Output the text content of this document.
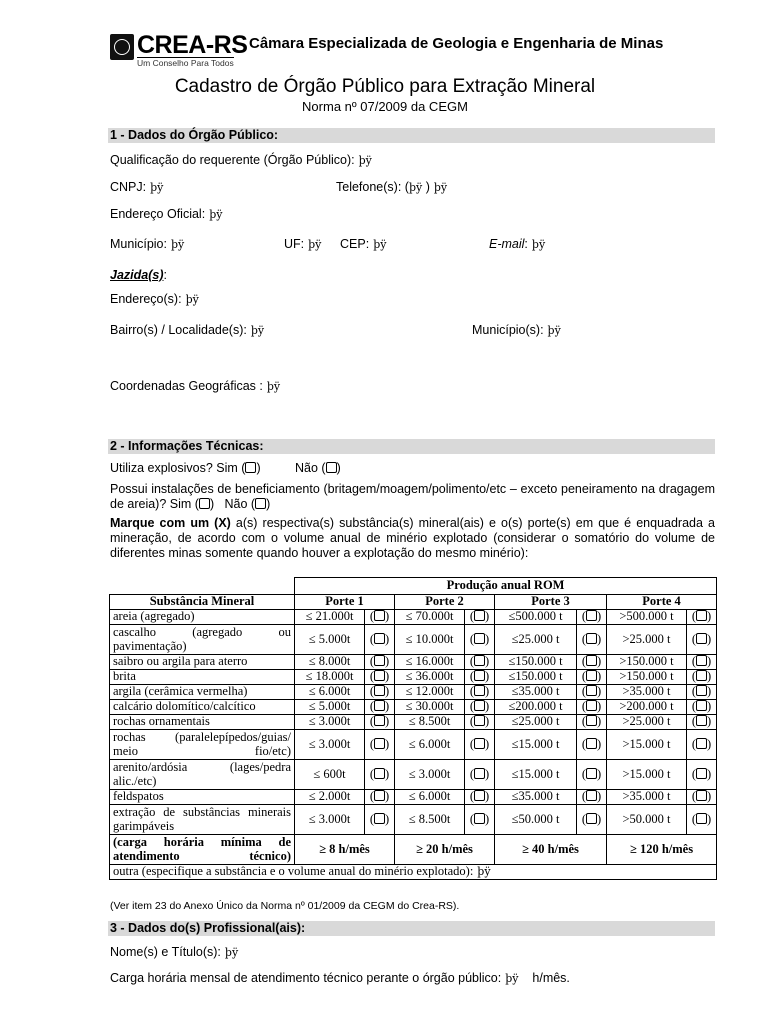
CREA-RS
Um Conselho Para Todos
Câmara Especializada de Geologia e Engenharia de Minas
Cadastro de Órgão Público para Extração Mineral
Norma nº 07/2009 da CEGM
1 - Dados do Órgão Público:
Qualificação do requerente (Órgão Público): þÿ
CNPJ: þÿ	Telefone(s): (þÿ ) þÿ
Endereço Oficial: þÿ
Município: þÿ	UF: þÿ CEP: þÿ	E-mail: þÿ
Jazida(s):
Endereço(s): þÿ
Bairro(s) / Localidade(s): þÿ	Município(s): þÿ
Coordenadas Geográficas : þÿ
2 - Informações Técnicas:
Utiliza explosivos? Sim ( )	Não ( )
Possui instalações de beneficiamento (britagem/moagem/polimento/etc – exceto peneiramento na dragagem de areia)? Sim ( )   Não ( )
Marque com um (X) a(s) respectiva(s) substância(s) mineral(ais) e o(s) porte(s) em que é enquadrada a mineração, de acordo com o volume anual de minério explotado (considerar o somatório do volume de diferentes minas somente quando houver a explotação do mesmo minério):
	Produção anual ROM							
Substância Mineral	Porte 1		Porte 2		Porte 3		Porte 4	
areia (agregado)	≤ 21.000t	( )	≤ 70.000t	( )	≤500.000 t	( )	>500.000 t	( )
cascalho (agregado ou pavimentação)	≤ 5.000t	( )	≤ 10.000t	( )	≤25.000 t	( )	>25.000 t	( )
saibro ou argila para aterro	≤ 8.000t	( )	≤ 16.000t	( )	≤150.000 t	( )	>150.000 t	( )
brita	≤ 18.000t	( )	≤ 36.000t	( )	≤150.000 t	( )	>150.000 t	( )
argila (cerâmica vermelha)	≤ 6.000t	( )	≤ 12.000t	( )	≤35.000 t	( )	>35.000 t	( )
calcário dolomítico/calcítico	≤ 5.000t	( )	≤ 30.000t	( )	≤200.000 t	( )	>200.000 t	( )
rochas ornamentais	≤ 3.000t	( )	≤ 8.500t	( )	≤25.000 t	( )	>25.000 t	( )
rochas (paralelepípedos/guias/ meio fio/etc)	≤ 3.000t	( )	≤ 6.000t	( )	≤15.000 t	( )	>15.000 t	( )
arenito/ardósia (lages/pedra alic./etc)	≤ 600t	( )	≤ 3.000t	( )	≤15.000 t	( )	>15.000 t	( )
feldspatos	≤ 2.000t	( )	≤ 6.000t	( )	≤35.000 t	( )	>35.000 t	( )
extração de substâncias minerais garimpáveis	≤ 3.000t	( )	≤ 8.500t	( )	≤50.000 t	( )	>50.000 t	( )
(carga horária mínima de atendimento técnico)	≥ 8 h/mês		≥ 20 h/mês		≥ 40 h/mês		≥ 120 h/mês	
outra (especifique a substância e o volume anual do minério explotado): þÿ								
(Ver item 23 do Anexo Único da Norma nº 01/2009 da CEGM do Crea-RS).
3 - Dados do(s) Profissional(ais):
Nome(s) e Título(s): þÿ
Carga horária mensal de atendimento técnico perante o órgão público: þÿ h/mês.
